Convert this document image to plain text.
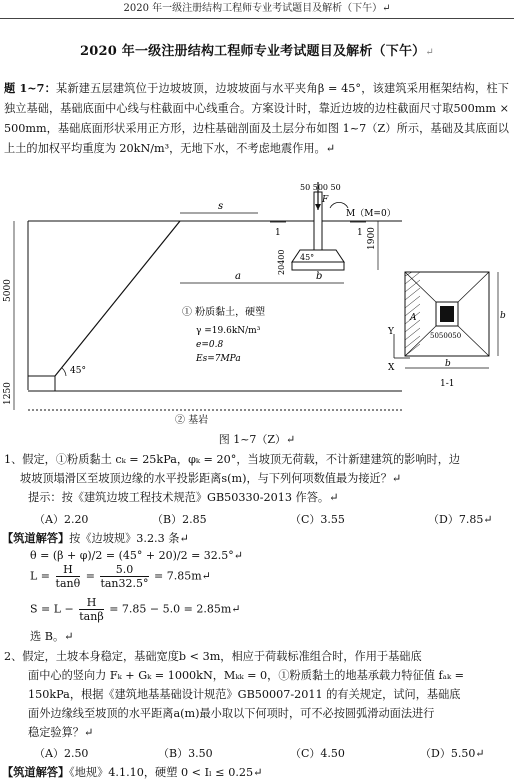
2020 年一级注册结构工程师专业考试题目及解析（下午）↵
2020 年一级注册结构工程师专业考试题目及解析（下午）↵
题 1~7：某新建五层建筑位于边坡坡顶，边坡坡面与水平夹角β = 45°，该建筑采用框架结构，柱下独立基础，基础底面中心线与柱截面中心线重合。方案设计时，靠近边坡的边柱截面尺寸取500mm × 500mm，基础底面形状采用正方形，边柱基础剖面及土层分布如图 1~7（Z）所示，基础及其底面以上土的加权平均重度为 20kN/m³，无地下水，不考虑地震作用。↵
45°
5000
1250
s
F
M（M=0）
50 500 50
45°
1	1 1900
20400
a	b
① 粉质黏土，硬塑
γ =19.6kN/m³
e=0.8
Es=7MPa
② 基岩
A
5050050
b
b
1-1
Y
X
图 1~7（Z）↵
1、假定，①粉质黏土 cₖ = 25kPa，φₖ = 20°，当坡顶无荷载，不计新建建筑的影响时，边
坡坡顶塌滑区至坡顶边缘的水平投影距离s(m)，与下列何项数值最为接近？↵
提示：按《建筑边坡工程技术规范》GB50330-2013 作答。↵
（A）2.20	（B）2.85	（C）3.55	（D）7.85↵
【筑道解答】按《边坡规》3.2.3 条↵
θ = (β + φ)/2 = (45° + 20)/2 = 32.5°↵
$L = \frac{H}{\tan\theta} = \frac{5.0}{\tan 32.5^\circ}$ = 7.85m↵
$S = L - \frac{H}{\tan\beta} = 7.85 - 5.0$ = 2.85m↵
选 B。↵
2、假定，土坡本身稳定，基础宽度b < 3m，相应于荷载标准组合时，作用于基础底
面中心的竖向力 Fₖ + Gₖ = 1000kN，Mₖₖ = 0，①粉质黏土的地基承载力特征值 fₐₖ =
150kPa，根据《建筑地基基础设计规范》GB50007-2011 的有关规定，试问，基础底
面外边缘线至坡顶的水平距离a(m)最小取以下何项时，可不必按圆弧滑动面法进行
稳定验算？↵
（A）2.50	（B）3.50	（C）4.50	（D）5.50↵
【筑道解答】《地规》4.1.10，硬塑 0 < Iₗ ≤ 0.25↵
